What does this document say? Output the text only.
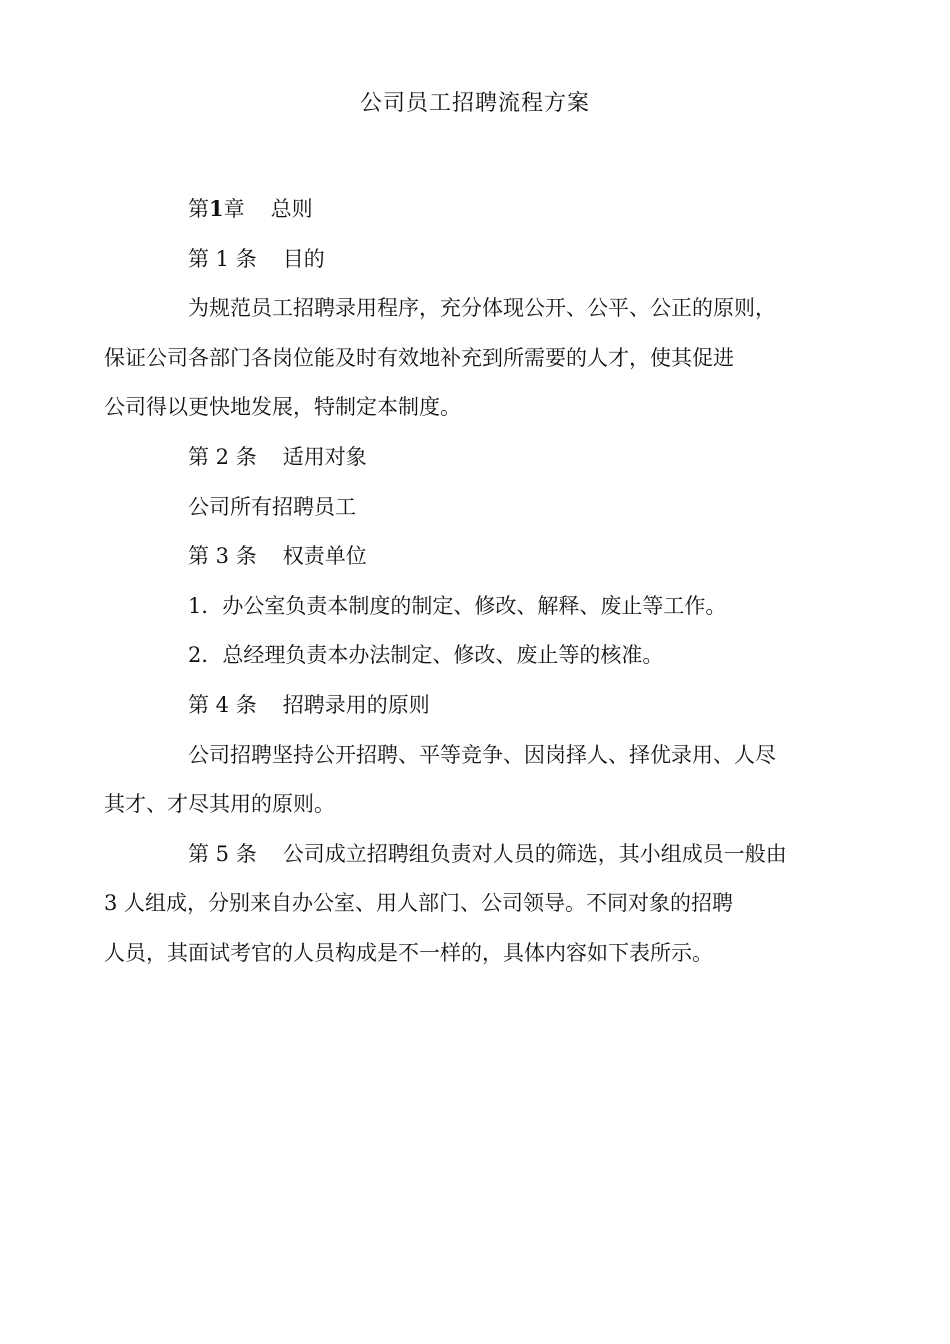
公司员工招聘流程方案

第1章 总则

第 1 条 目的

为规范员工招聘录用程序，充分体现公开、公平、公正的原则，
保证公司各部门各岗位能及时有效地补充到所需要的人才，使其促进
公司得以更快地发展，特制定本制度。

第 2 条 适用对象

公司所有招聘员工

第 3 条 权责单位

1．办公室负责本制度的制定、修改、解释、废止等工作。

2．总经理负责本办法制定、修改、废止等的核准。

第 4 条 招聘录用的原则

公司招聘坚持公开招聘、平等竞争、因岗择人、择优录用、人尽
其才、才尽其用的原则。

第 5 条 公司成立招聘组负责对人员的筛选，其小组成员一般由
3 人组成，分别来自办公室、用人部门、公司领导。不同对象的招聘
人员，其面试考官的人员构成是不一样的，具体内容如下表所示。
